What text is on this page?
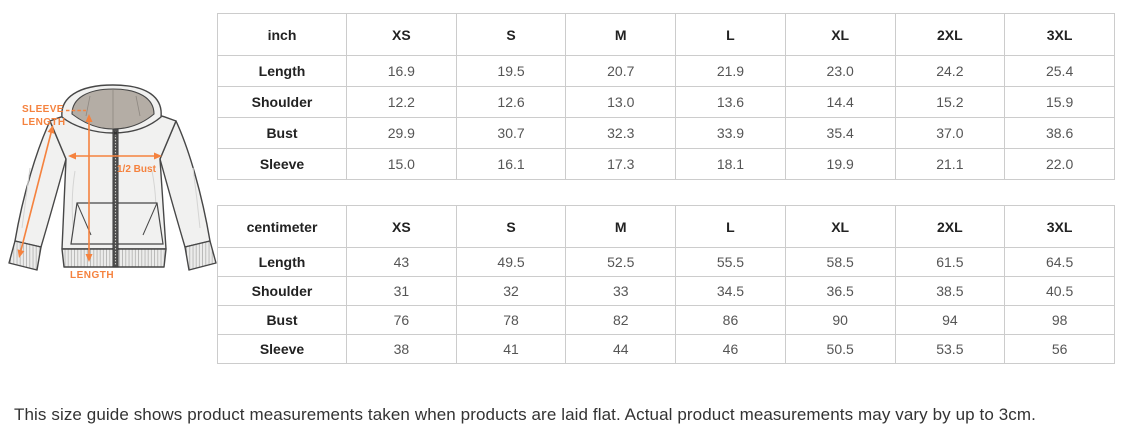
SLEEVE
LENGTH
1/2 Bust
LENGTH
inch	XS	S	M	L	XL	2XL	3XL
Length	16.9	19.5	20.7	21.9	23.0	24.2	25.4
Shoulder	12.2	12.6	13.0	13.6	14.4	15.2	15.9
Bust	29.9	30.7	32.3	33.9	35.4	37.0	38.6
Sleeve	15.0	16.1	17.3	18.1	19.9	21.1	22.0
centimeter	XS	S	M	L	XL	2XL	3XL
Length	43	49.5	52.5	55.5	58.5	61.5	64.5
Shoulder	31	32	33	34.5	36.5	38.5	40.5
Bust	76	78	82	86	90	94	98
Sleeve	38	41	44	46	50.5	53.5	56
This size guide shows product measurements taken when products are laid flat. Actual product measurements may vary by up to 3cm.
